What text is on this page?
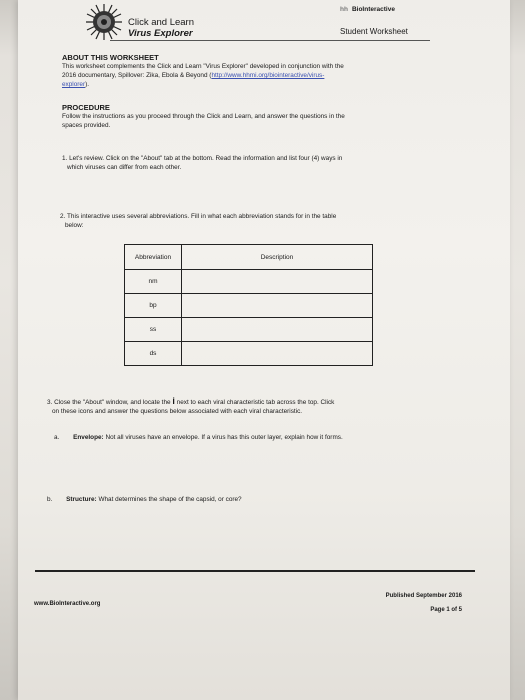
Click and Learn
Virus Explorer
hh BioInteractive
Student Worksheet
ABOUT THIS WORKSHEET
This worksheet complements the Click and Learn "Virus Explorer" developed in conjunction with the
2016 documentary, Spillover: Zika, Ebola & Beyond (http://www.hhmi.org/biointeractive/virus-
explorer).
PROCEDURE
Follow the instructions as you proceed through the Click and Learn, and answer the questions in the
spaces provided.
1. Let's review. Click on the "About" tab at the bottom. Read the information and list four (4) ways in
which viruses can differ from each other.
2. This interactive uses several abbreviations. Fill in what each abbreviation stands for in the table
below:
Abbreviation	Description
nm	
bp	
ss	
ds	
3. Close the "About" window, and locate the i next to each viral characteristic tab across the top. Click
on these icons and answer the questions below associated with each viral characteristic.
a. Envelope: Not all viruses have an envelope. If a virus has this outer layer, explain how it forms.
b. Structure: What determines the shape of the capsid, or core?
www.BioInteractive.org
Published September 2016
Page 1 of 5
